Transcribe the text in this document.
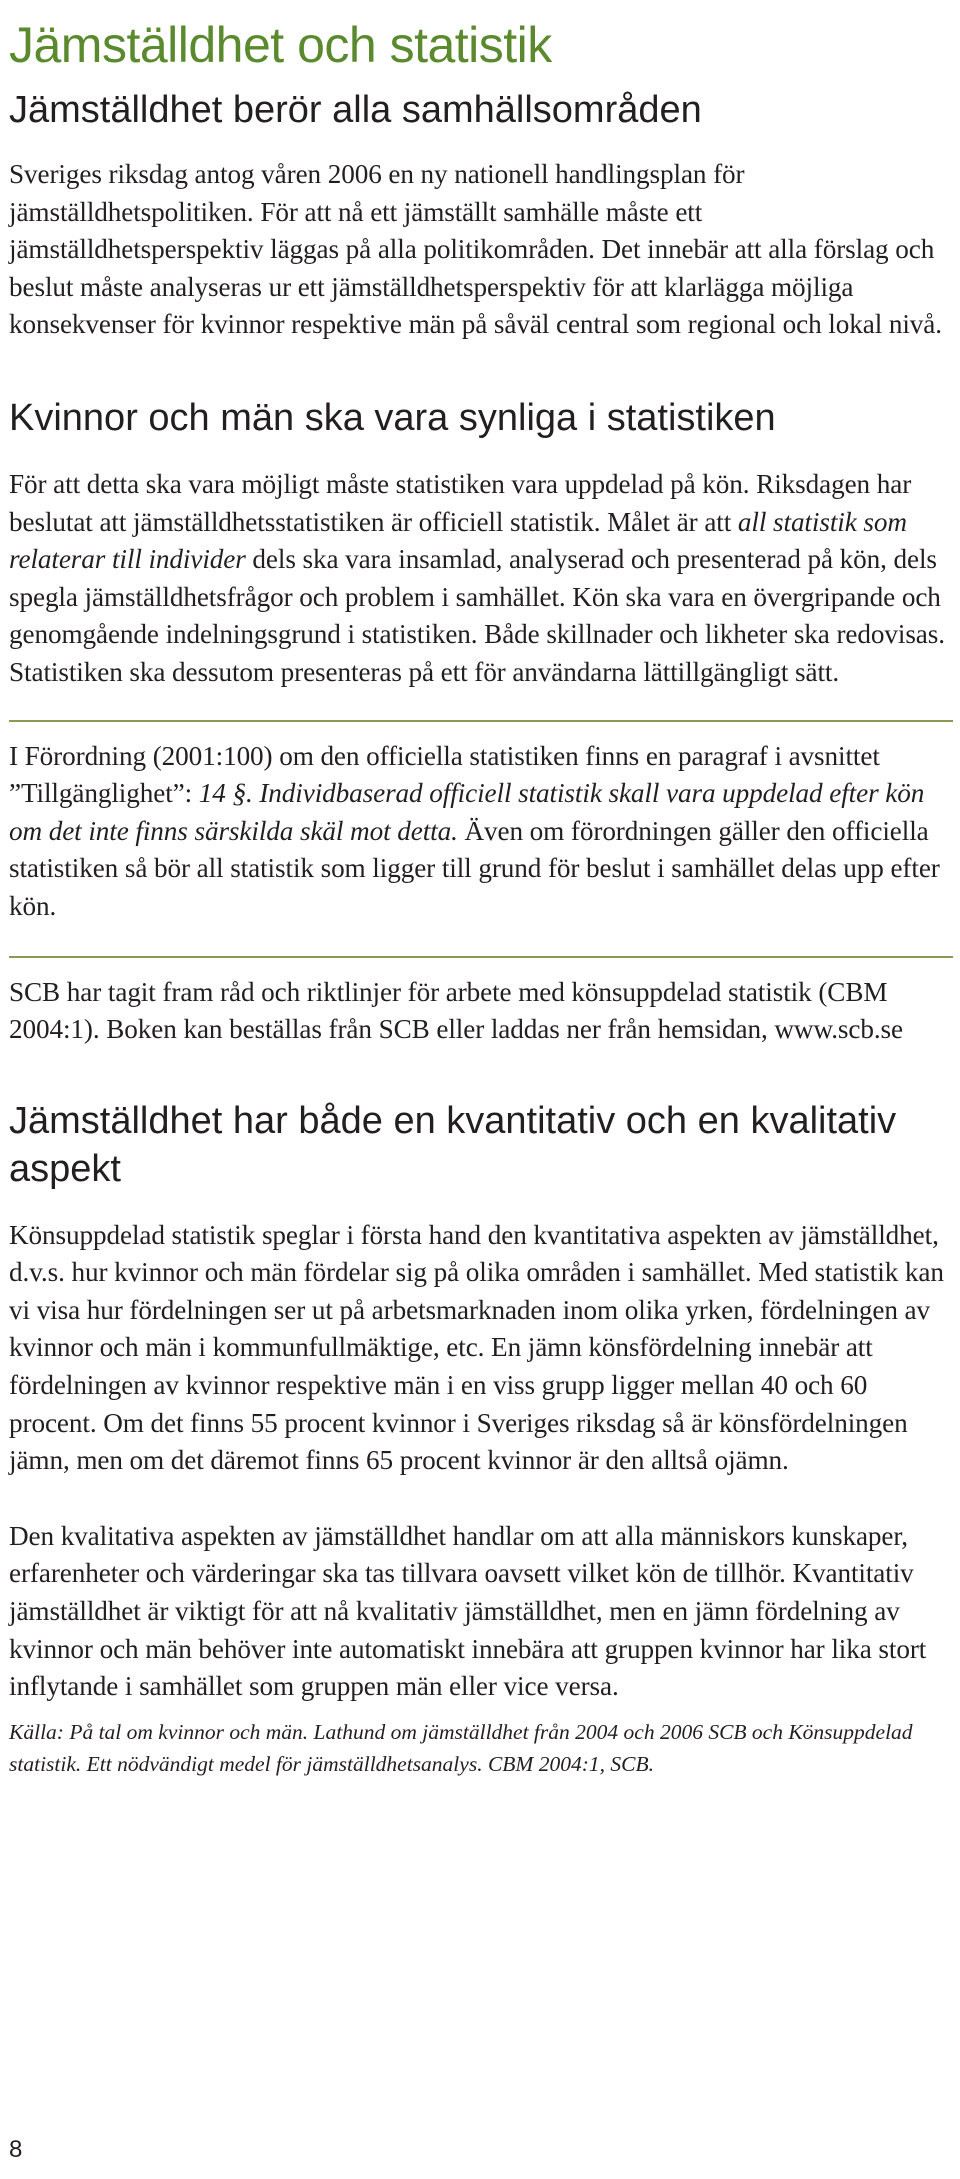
Jämställdhet och statistik
Jämställdhet berör alla samhällsområden

Sveriges riksdag antog våren 2006 en ny nationell handlingsplan för jämställdhetspolitiken. För att nå ett jämställt samhälle måste ett jämställdhetsperspektiv läggas på alla politikområden. Det innebär att alla förslag och beslut måste analyseras ur ett jämställdhetsperspektiv för att klarlägga möjliga konsekvenser för kvinnor respektive män på såväl central som regional och lokal nivå.

Kvinnor och män ska vara synliga i statistiken

För att detta ska vara möjligt måste statistiken vara uppdelad på kön. Riksdagen har beslutat att jämställdhetsstatistiken är officiell statistik. Målet är att all statistik som relaterar till individer dels ska vara insamlad, analyserad och presenterad på kön, dels spegla jämställdhetsfrågor och problem i samhället. Kön ska vara en övergripande och genomgående indelningsgrund i statistiken. Både skillnader och likheter ska redovisas. Statistiken ska dessutom presenteras på ett för användarna lättillgängligt sätt.

I Förordning (2001:100) om den officiella statistiken finns en paragraf i avsnittet ”Tillgänglighet”: 14 §. Individbaserad officiell statistik skall vara uppdelad efter kön om det inte finns särskilda skäl mot detta. Även om förordningen gäller den officiella statistiken så bör all statistik som ligger till grund för beslut i samhället delas upp efter kön.

SCB har tagit fram råd och riktlinjer för arbete med könsuppdelad statistik (CBM 2004:1). Boken kan beställas från SCB eller laddas ner från hemsidan, www.scb.se

Jämställdhet har både en kvantitativ och en kvalitativ aspekt

Könsuppdelad statistik speglar i första hand den kvantitativa aspekten av jämställdhet, d.v.s. hur kvinnor och män fördelar sig på olika områden i samhället. Med statistik kan vi visa hur fördelningen ser ut på arbetsmarknaden inom olika yrken, fördelningen av kvinnor och män i kommunfullmäktige, etc. En jämn könsfördelning innebär att fördelningen av kvinnor respektive män i en viss grupp ligger mellan 40 och 60 procent. Om det finns 55 procent kvinnor i Sveriges riksdag så är könsfördelningen jämn, men om det däremot finns 65 procent kvinnor är den alltså ojämn.

Den kvalitativa aspekten av jämställdhet handlar om att alla människors kunskaper, erfarenheter och värderingar ska tas tillvara oavsett vilket kön de tillhör. Kvantitativ jämställdhet är viktigt för att nå kvalitativ jämställdhet, men en jämn fördelning av kvinnor och män behöver inte automatiskt innebära att gruppen kvinnor har lika stort inflytande i samhället som gruppen män eller vice versa.

Källa: På tal om kvinnor och män. Lathund om jämställdhet från 2004 och 2006 SCB och Könsuppdelad statistik. Ett nödvändigt medel för jämställdhetsanalys. CBM 2004:1, SCB.
8
